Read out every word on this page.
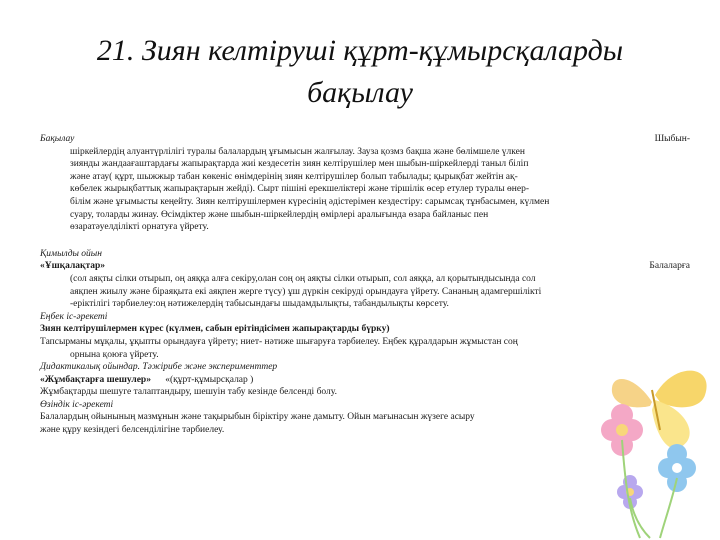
21. Зиян келтіруші құрт-құмырсқаларды
бақылау
Бақылау	Шыбын-
шіркейлердің алуантүрлілігі туралы балалардың ұғымысын жалғылау. Зауза қозмз бақша және бөлімшеле үлкен
зиянды жандаағаштардағы жапырақтарда жиі кездесетін зиян келтірушілер мен шыбын-шіркейлерді таныл біліп
және атау( құрт, шыжжыр табан көкеніс өнімдерінің зиян келтірушілер болып табылады; қырықбат жейтін ақ-
көбелек жырықбаттық жапырақтарын жейді). Сырт пішіні ерекшеліктері және тіршілік өсер етулер туралы өнер-
білім және ұғымысты кеңейту. Зиян келтірушілермен күресінің әдістерімен кездестіру: сарымсақ тұнбасымен, күлмен
суару, толарды жинау. Өсімдіктер және шыбын-шіркейлердің өмірлері аралығында өзара байланыс пен
өзаратәуелділікті орнатуға үйрету.
Қимылды ойын
«Ұшқалақтар»	Балаларға
(сол аяқты сілки отырып, оң аяққа алға секіру,олан соң оң аяқты сілки отырып, сол аяққа, ал қорытындысында сол
аяқпен жиылу және біраяқыта екі аяқпен жерге түсу) ұш дүркін секіруді орындауға үйрету. Сананың адамгершілікті
-еріктілігі тәрбиелеу:оң нәтижелердің табысындағы шыдамдылықты, табандылықты көрсету.
Еңбек іс-әрекеті
Зиян келтірушілермен күрес (күлмен, сабын ерітіндісімен жапырақтарды бүрку)
Тапсырманы мұқалы, ұқыпты орындауға үйрету; ниет- нәтиже шығаруға тәрбиелеу. Еңбек құралдарын жұмыстан соң
орнына қоюға үйрету.
Дидактикалық ойындар. Тәжірибе және эксперименттер
«Жұмбақтарға шешулер» «(құрт-құмырсқалар )
Жұмбақтарды шешуге талаптандыру, шешуін табу кезінде белсенді болу.
Өзіндік іс-әрекеті
Балалардың ойынының мазмұнын және тақырыбын біріктіру және дамыту. Ойын мағынасын жүзеге асыру
және құру кезіндегі белсенділігіне тәрбиелеу.
